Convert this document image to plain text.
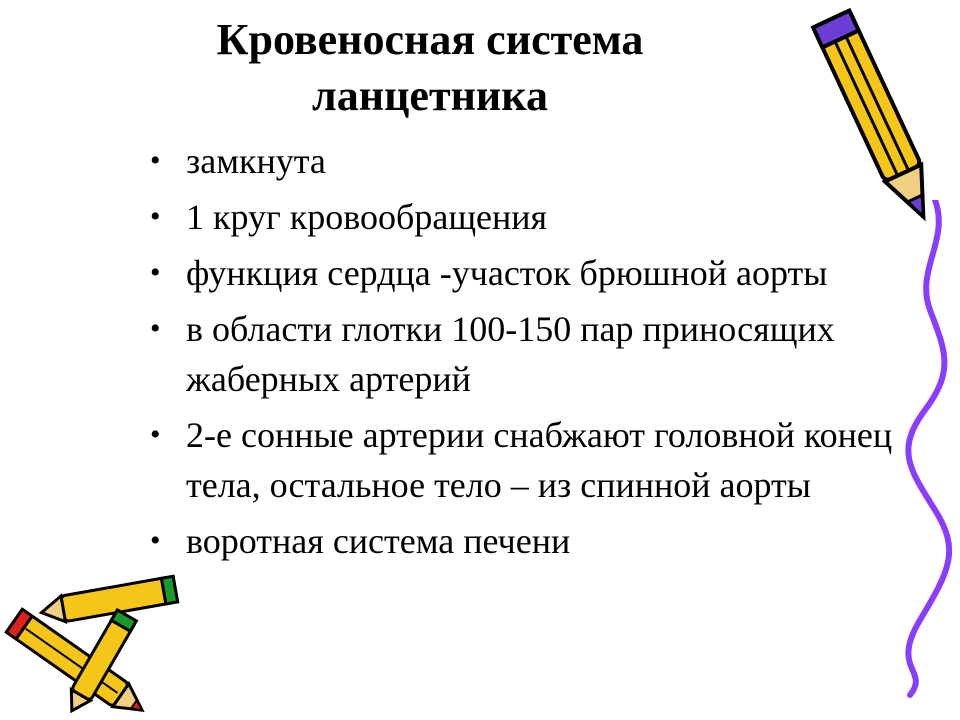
Кровеносная система
ланцетника
• замкнута
• 1 круг кровообращения
• функция сердца -участок брюшной аорты
• в области глотки 100-150 пар приносящих жаберных артерий
• 2-е сонные артерии снабжают головной конец тела, остальное тело – из спинной аорты
• воротная система печени
